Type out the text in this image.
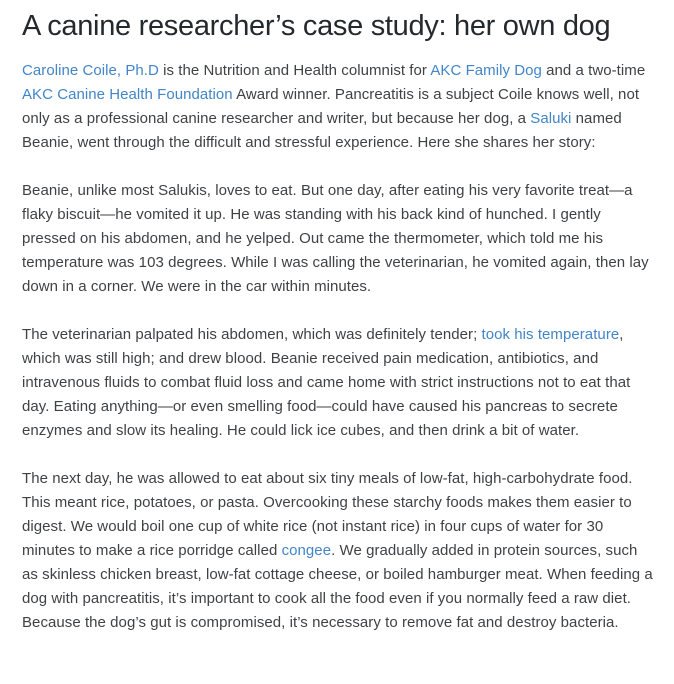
A canine researcher’s case study: her own dog

Caroline Coile, Ph.D is the Nutrition and Health columnist for AKC Family Dog and a two-time AKC Canine Health Foundation Award winner. Pancreatitis is a subject Coile knows well, not only as a professional canine researcher and writer, but because her dog, a Saluki named Beanie, went through the difficult and stressful experience. Here she shares her story:

Beanie, unlike most Salukis, loves to eat. But one day, after eating his very favorite treat—a flaky biscuit—he vomited it up. He was standing with his back kind of hunched. I gently pressed on his abdomen, and he yelped. Out came the thermometer, which told me his temperature was 103 degrees. While I was calling the veterinarian, he vomited again, then lay down in a corner. We were in the car within minutes.

The veterinarian palpated his abdomen, which was definitely tender; took his temperature, which was still high; and drew blood. Beanie received pain medication, antibiotics, and intravenous fluids to combat fluid loss and came home with strict instructions not to eat that day. Eating anything—or even smelling food—could have caused his pancreas to secrete enzymes and slow its healing. He could lick ice cubes, and then drink a bit of water.

The next day, he was allowed to eat about six tiny meals of low-fat, high-carbohydrate food. This meant rice, potatoes, or pasta. Overcooking these starchy foods makes them easier to digest. We would boil one cup of white rice (not instant rice) in four cups of water for 30 minutes to make a rice porridge called congee. We gradually added in protein sources, such as skinless chicken breast, low-fat cottage cheese, or boiled hamburger meat. When feeding a dog with pancreatitis, it’s important to cook all the food even if you normally feed a raw diet. Because the dog’s gut is compromised, it’s necessary to remove fat and destroy bacteria.
